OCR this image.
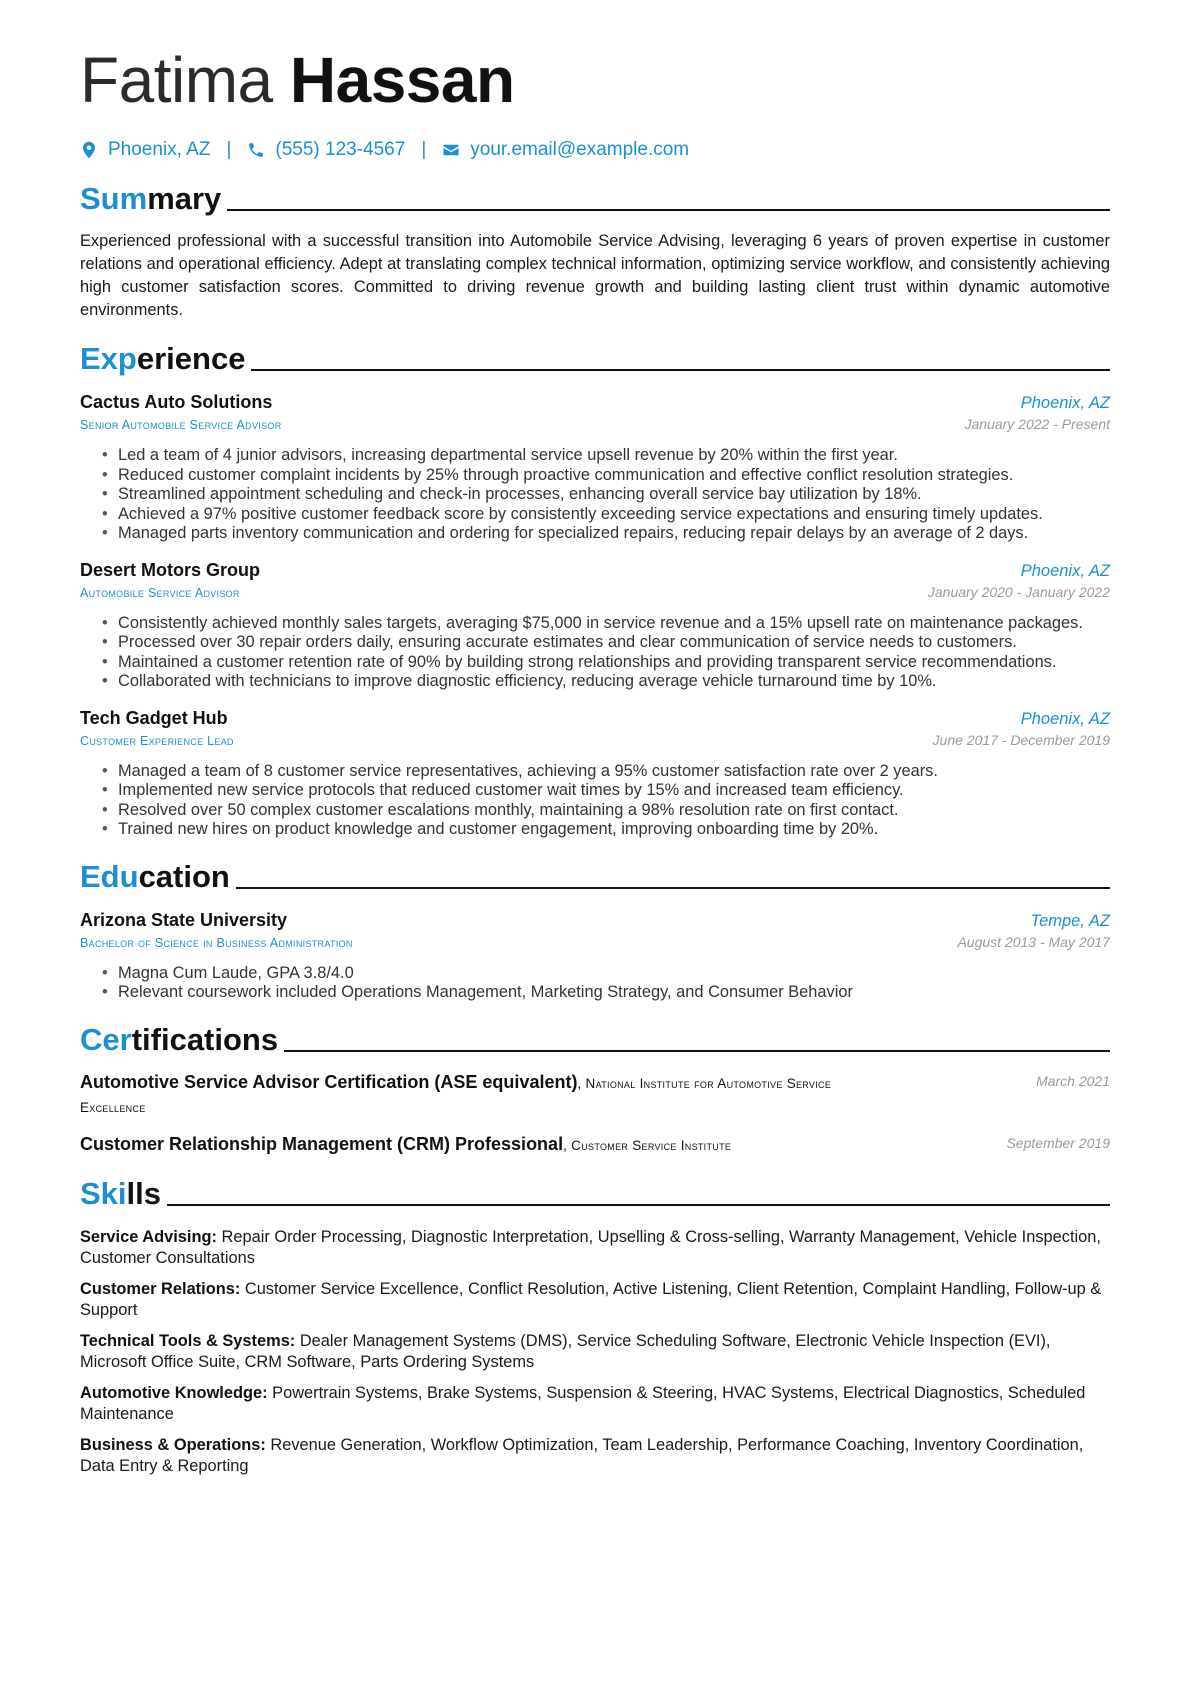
Fatima Hassan
Phoenix, AZ | (555) 123-4567 | your.email@example.com
Summary

Experienced professional with a successful transition into Automobile Service Advising, leveraging 6 years of proven expertise in customer relations and operational efficiency. Adept at translating complex technical information, optimizing service workflow, and consistently achieving high customer satisfaction scores. Committed to driving revenue growth and building lasting client trust within dynamic automotive environments.

Experience
Cactus Auto Solutions	Phoenix, AZ
Senior Automobile Service Advisor	January 2022 - Present
• Led a team of 4 junior advisors, increasing departmental service upsell revenue by 20% within the first year.
• Reduced customer complaint incidents by 25% through proactive communication and effective conflict resolution strategies.
• Streamlined appointment scheduling and check-in processes, enhancing overall service bay utilization by 18%.
• Achieved a 97% positive customer feedback score by consistently exceeding service expectations and ensuring timely updates.
• Managed parts inventory communication and ordering for specialized repairs, reducing repair delays by an average of 2 days.
Desert Motors Group	Phoenix, AZ
Automobile Service Advisor	January 2020 - January 2022
• Consistently achieved monthly sales targets, averaging $75,000 in service revenue and a 15% upsell rate on maintenance packages.
• Processed over 30 repair orders daily, ensuring accurate estimates and clear communication of service needs to customers.
• Maintained a customer retention rate of 90% by building strong relationships and providing transparent service recommendations.
• Collaborated with technicians to improve diagnostic efficiency, reducing average vehicle turnaround time by 10%.
Tech Gadget Hub	Phoenix, AZ
Customer Experience Lead	June 2017 - December 2019
• Managed a team of 8 customer service representatives, achieving a 95% customer satisfaction rate over 2 years.
• Implemented new service protocols that reduced customer wait times by 15% and increased team efficiency.
• Resolved over 50 complex customer escalations monthly, maintaining a 98% resolution rate on first contact.
• Trained new hires on product knowledge and customer engagement, improving onboarding time by 20%.
Education
Arizona State University	Tempe, AZ
Bachelor of Science in Business Administration	August 2013 - May 2017
• Magna Cum Laude, GPA 3.8/4.0
• Relevant coursework included Operations Management, Marketing Strategy, and Consumer Behavior
Certifications
Automotive Service Advisor Certification (ASE equivalent), National Institute for Automotive Service Excellence
March 2021
Customer Relationship Management (CRM) Professional, Customer Service Institute	September 2019
Skills

Service Advising: Repair Order Processing, Diagnostic Interpretation, Upselling & Cross-selling, Warranty Management, Vehicle Inspection, Customer Consultations

Customer Relations: Customer Service Excellence, Conflict Resolution, Active Listening, Client Retention, Complaint Handling, Follow-up & Support

Technical Tools & Systems: Dealer Management Systems (DMS), Service Scheduling Software, Electronic Vehicle Inspection (EVI), Microsoft Office Suite, CRM Software, Parts Ordering Systems

Automotive Knowledge: Powertrain Systems, Brake Systems, Suspension & Steering, HVAC Systems, Electrical Diagnostics, Scheduled Maintenance

Business & Operations: Revenue Generation, Workflow Optimization, Team Leadership, Performance Coaching, Inventory Coordination, Data Entry & Reporting
